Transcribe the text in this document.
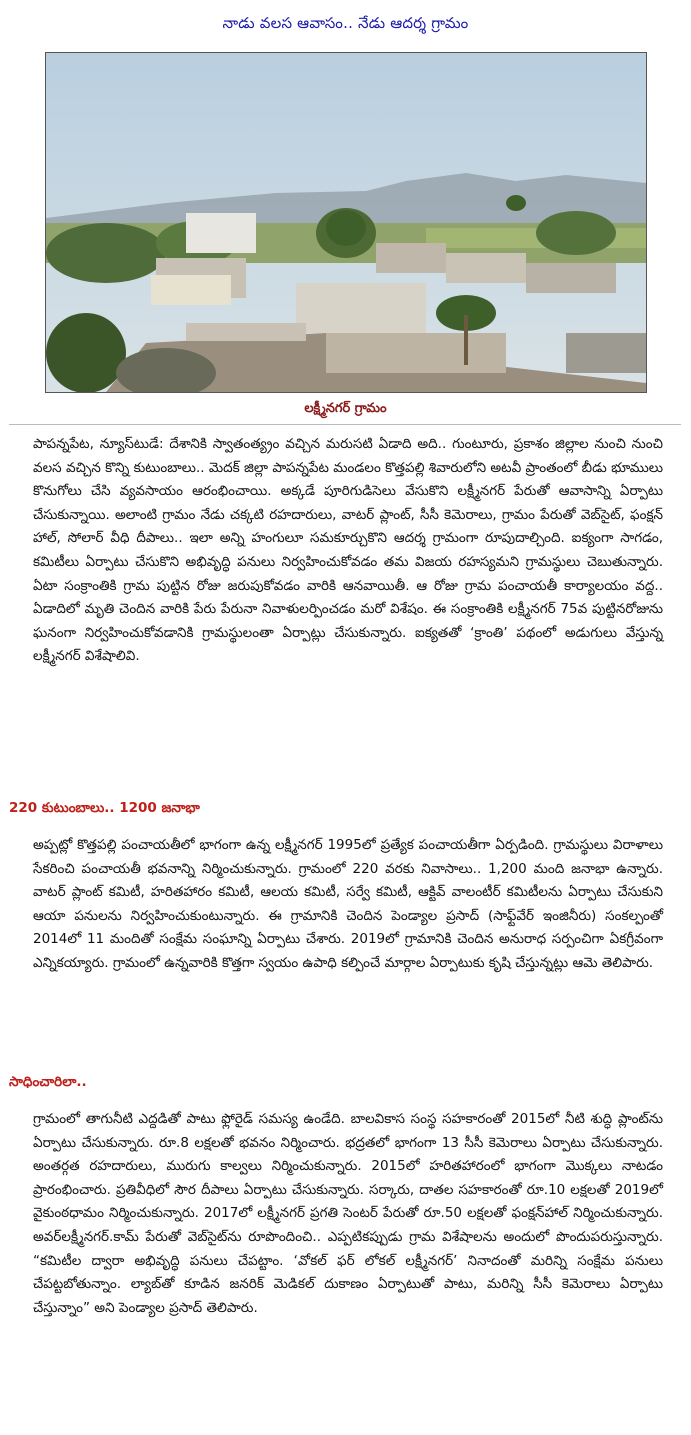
నాడు వలస ఆవాసం.. నేడు ఆదర్శ గ్రామం
లక్ష్మీనగర్‌ గ్రామం

పాపన్నపేట, న్యూస్‌టుడే: దేశానికి స్వాతంత్య్రం వచ్చిన మరుసటి ఏడాది అది.. గుంటూరు, ప్రకాశం జిల్లాల నుంచి నుంచి వలస వచ్చిన కొన్ని కుటుంబాలు.. మెదక్‌ జిల్లా పాపన్నపేట మండలం కొత్తపల్లి శివారులోని అటవీ ప్రాంతంలో బీడు భూములు కొనుగోలు చేసి వ్యవసాయం ఆరంభించాయి. అక్కడే పూరిగుడిసెలు వేసుకొని లక్ష్మీనగర్‌ పేరుతో ఆవాసాన్ని ఏర్పాటు చేసుకున్నాయి. అలాంటి గ్రామం నేడు చక్కటి రహదారులు, వాటర్‌ ప్లాంట్‌, సీసీ కెమెరాలు, గ్రామం పేరుతో వెబ్‌సైట్‌, ఫంక్షన్‌ హాల్‌, సోలార్‌ వీధి దీపాలు.. ఇలా అన్ని హంగులూ సమకూర్చుకొని ఆదర్శ గ్రామంగా రూపుదాల్చింది. ఐక్యంగా సాగడం, కమిటీలు ఏర్పాటు చేసుకొని అభివృద్ధి పనులు నిర్వహించుకోవడం తమ విజయ రహస్యమని గ్రామస్థులు చెబుతున్నారు. ఏటా సంక్రాంతికి గ్రామ పుట్టిన రోజు జరుపుకోవడం వారికి ఆనవాయితీ. ఆ రోజు గ్రామ పంచాయతీ కార్యాలయం వద్ద.. ఏడాదిలో మృతి చెందిన వారికి పేరు పేరునా నివాళులర్పించడం మరో విశేషం. ఈ సంక్రాంతికి లక్ష్మీనగర్‌ 75వ పుట్టినరోజును ఘనంగా నిర్వహించుకోవడానికి గ్రామస్థులంతా ఏర్పాట్లు చేసుకున్నారు. ఐక్యతతో ‘క్రాంతి’ పథంలో అడుగులు వేస్తున్న లక్ష్మీనగర్‌ విశేషాలివి.

220 కుటుంబాలు.. 1200 జనాభా

అప్పట్లో కొత్తపల్లి పంచాయతీలో భాగంగా ఉన్న లక్ష్మీనగర్‌ 1995లో ప్రత్యేక పంచాయతీగా ఏర్పడింది. గ్రామస్థులు విరాళాలు సేకరించి పంచాయతీ భవనాన్ని నిర్మించుకున్నారు. గ్రామంలో 220 వరకు నివాసాలు.. 1,200 మంది జనాభా ఉన్నారు. వాటర్‌ ప్లాంట్‌ కమిటీ, హరితహారం కమిటీ, ఆలయ కమిటీ, సర్వే కమిటీ, ఆక్టివ్‌ వాలంటీర్‌ కమిటీలను ఏర్పాటు చేసుకుని ఆయా పనులను నిర్వహించుకుంటున్నారు. ఈ గ్రామానికి చెందిన పెండ్యాల ప్రసాద్‌ (సాఫ్ట్‌వేర్‌ ఇంజినీరు) సంకల్పంతో 2014లో 11 మందితో సంక్షేమ సంఘాన్ని ఏర్పాటు చేశారు. 2019లో గ్రామానికి చెందిన అనురాధ సర్పంచిగా ఏకగ్రీవంగా ఎన్నికయ్యారు. గ్రామంలో ఉన్నవారికి కొత్తగా స్వయం ఉపాధి కల్పించే మార్గాల ఏర్పాటుకు కృషి చేస్తున్నట్లు ఆమె తెలిపారు.

సాధించారిలా..

గ్రామంలో తాగునీటి ఎద్దడితో పాటు ఫ్లోరైడ్‌ సమస్య ఉండేది. బాలవికాస సంస్థ సహకారంతో 2015లో నీటి శుద్ధి ప్లాంట్‌ను ఏర్పాటు చేసుకున్నారు. రూ.8 లక్షలతో భవనం నిర్మించారు. భద్రతలో భాగంగా 13 సీసీ కెమెరాలు ఏర్పాటు చేసుకున్నారు. అంతర్గత రహదారులు, మురుగు కాల్వలు నిర్మించుకున్నారు. 2015లో హరితహారంలో భాగంగా మొక్కలు నాటడం ప్రారంభించారు. ప్రతివీధిలో సౌర దీపాలు ఏర్పాటు చేసుకున్నారు. సర్కారు, దాతల సహకారంతో రూ.10 లక్షలతో 2019లో వైకుంఠధామం నిర్మించుకున్నారు. 2017లో లక్ష్మీనగర్‌ ప్రగతి సెంటర్‌ పేరుతో రూ.50 లక్షలతో ఫంక్షన్‌హాల్‌ నిర్మించుకున్నారు. అవర్‌లక్ష్మీనగర్‌.కామ్‌ పేరుతో వెబ్‌సైట్‌ను రూపొందించి.. ఎప్పటికప్పుడు గ్రామ విశేషాలను అందులో పొందుపరుస్తున్నారు. “కమిటీల ద్వారా అభివృద్ధి పనులు చేపట్టాం. ‘వోకల్‌ ఫర్‌ లోకల్‌ లక్ష్మీనగర్‌’ నినాదంతో మరిన్ని సంక్షేమ పనులు చేపట్టబోతున్నాం. ల్యాబ్‌తో కూడిన జనరిక్‌ మెడికల్‌ దుకాణం ఏర్పాటుతో పాటు, మరిన్ని సీసీ కెమెరాలు ఏర్పాటు చేస్తున్నాం” అని పెండ్యాల ప్రసాద్‌ తెలిపారు.
